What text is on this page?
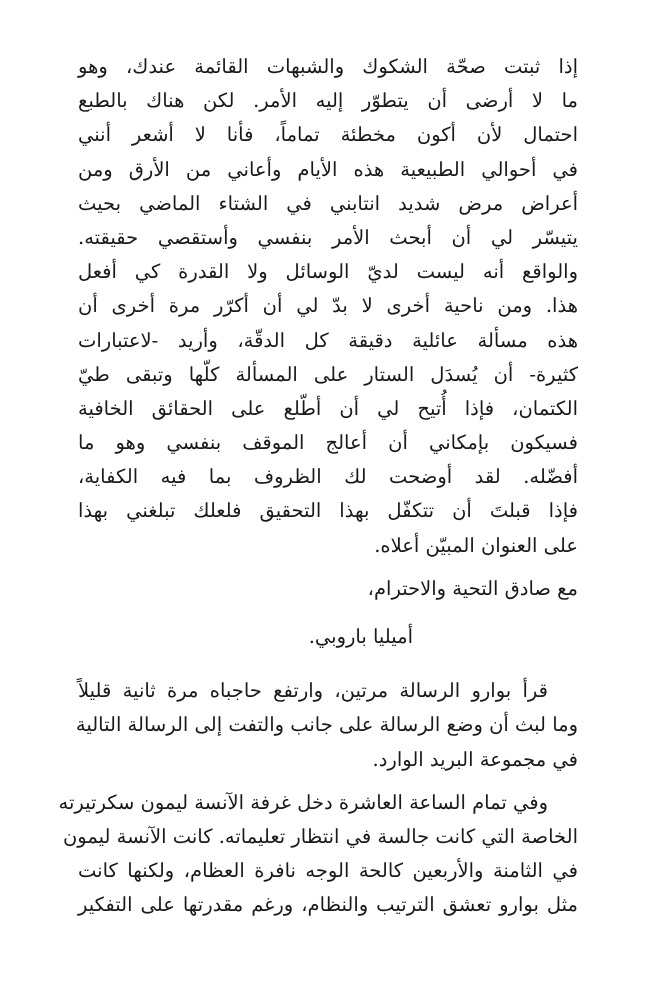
إذا ثبتت صحّة الشكوك والشبهات القائمة عندك، وهو
ما لا أرضى أن يتطوّر إليه الأمر. لكن هناك بالطبع
احتمال لأن أكون مخطئة تماماً، فأنا لا أشعر أنني
في أحوالي الطبيعية هذه الأيام وأعاني من الأرق ومن
أعراض مرض شديد انتابني في الشتاء الماضي بحيث
يتيسّر لي أن أبحث الأمر بنفسي وأستقصي حقيقته.
والواقع أنه ليست لديّ الوسائل ولا القدرة كي أفعل
هذا. ومن ناحية أخرى لا بدّ لي أن أكرّر مرة أخرى أن
هذه مسألة عائلية دقيقة كل الدقّة، وأريد -لاعتبارات
كثيرة- أن يُسدَل الستار على المسألة كلّها وتبقى طيّ
الكتمان، فإذا أُتيح لي أن أطّلع على الحقائق الخافية
فسيكون بإمكاني أن أعالج الموقف بنفسي وهو ما
أفضّله. لقد أوضحت لك الظروف بما فيه الكفاية،
فإذا قبلتَ أن تتكفّل بهذا التحقيق فلعلك تبلغني بهذا
على العنوان المبيّن أعلاه.
مع صادق التحية والاحترام،
أميليا باروبي.
قرأ بوارو الرسالة مرتين، وارتفع حاجباه مرة ثانية قليلاً
وما لبث أن وضع الرسالة على جانب والتفت إلى الرسالة التالية
في مجموعة البريد الوارد.
وفي تمام الساعة العاشرة دخل غرفة الآنسة ليمون سكرتيرته
الخاصة التي كانت جالسة في انتظار تعليماته. كانت الآنسة ليمون
في الثامنة والأربعين كالحة الوجه نافرة العظام، ولكنها كانت
مثل بوارو تعشق الترتيب والنظام، ورغم مقدرتها على التفكير
